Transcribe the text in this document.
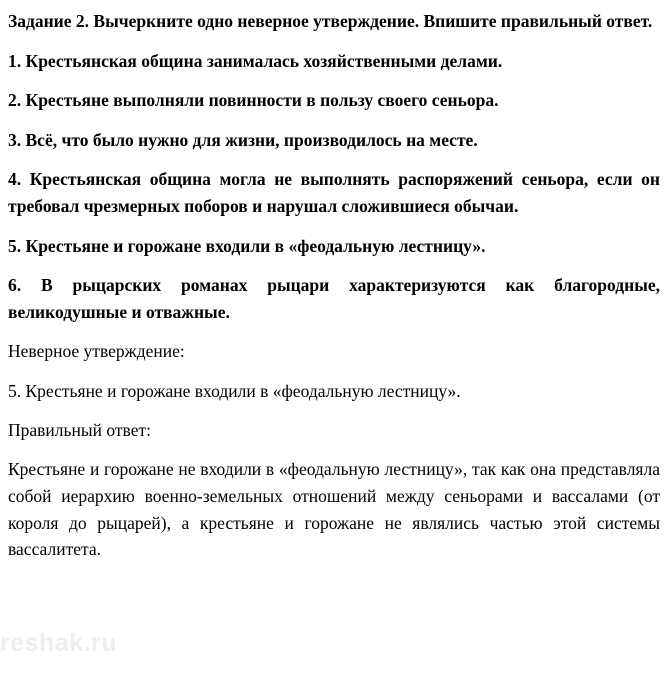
Задание 2. Вычеркните одно неверное утверждение. Впишите правильный ответ.

1. Крестьянская община занималась хозяйственными делами.

2. Крестьяне выполняли повинности в пользу своего сеньора.

3. Всё, что было нужно для жизни, производилось на месте.

4. Крестьянская община могла не выполнять распоряжений сеньора, если он требовал чрезмерных поборов и нарушал сложившиеся обычаи.

5. Крестьяне и горожане входили в «феодальную лестницу».

6. В рыцарских романах рыцари характеризуются как благородные, великодушные и отважные.

Неверное утверждение:

5. Крестьяне и горожане входили в «феодальную лестницу».

Правильный ответ:

Крестьяне и горожане не входили в «феодальную лестницу», так как она представляла собой иерархию военно-земельных отношений между сеньорами и вассалами (от короля до рыцарей), а крестьяне и горожане не являлись частью этой системы вассалитета.

reshak.ru
